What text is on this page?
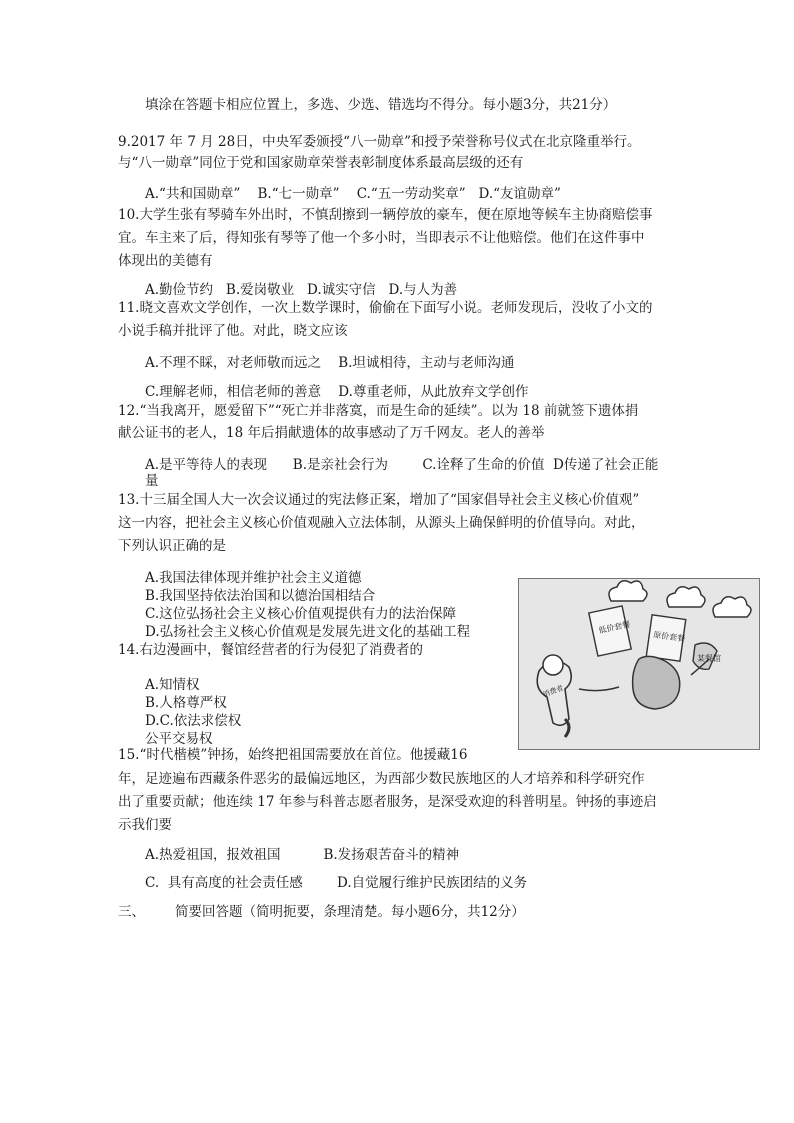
填涂在答题卡相应位置上，多选、少选、错选均不得分。每小题3分，共21分）
9.2017 年 7 月 28日，中央军委颁授“八一勋章”和授予荣誉称号仪式在北京隆重举行。
与“八一勋章”同位于党和国家勋章荣誉表彰制度体系最高层级的还有
A.“共和国勋章”    B.“七一勋章”    C.“五一劳动奖章”   D.“友谊勋章”
10.大学生张有琴骑车外出时，不慎刮擦到一辆停放的豪车，便在原地等候车主协商赔偿事
宜。车主来了后，得知张有琴等了他一个多小时，当即表示不让他赔偿。他们在这件事中
体现出的美德有
A.勤俭节约   B.爱岗敬业   D.诚实守信   D.与人为善
11.晓文喜欢文学创作，一次上数学课时，偷偷在下面写小说。老师发现后，没收了小文的
小说手稿并批评了他。对此，晓文应该
A.不理不睬，对老师敬而远之    B.坦诚相待，主动与老师沟通
C.理解老师，相信老师的善意    D.尊重老师，从此放弃文学创作
12.“当我离开，愿爱留下”“死亡并非落寞，而是生命的延续”。以为 18 前就签下遗体捐
献公证书的老人，18 年后捐献遗体的故事感动了万千网友。老人的善举
A.是平等待人的表现      B.是亲社会行为        C.诠释了生命的价值  D传递了社会正能
量
13.十三届全国人大一次会议通过的宪法修正案，增加了“国家倡导社会主义核心价值观”
这一内容，把社会主义核心价值观融入立法体制，从源头上确保鲜明的价值导向。对此，
下列认识正确的是
A.我国法律体现并维护社会主义道德
B.我国坚持依法治国和以德治国相结合
C.这位弘扬社会主义核心价值观提供有力的法治保障
D.弘扬社会主义核心价值观是发展先进文化的基础工程
14.右边漫画中，餐馆经营者的行为侵犯了消费者的
A.知情权
B.人格尊严权
D.C.依法求偿权
公平交易权
低价套餐
原价套餐
某餐馆
消费者
15.“时代楷模”钟扬，始终把祖国需要放在首位。他援藏16
年，足迹遍布西藏条件恶劣的最偏远地区，为西部少数民族地区的人才培养和科学研究作
出了重要贡献；他连续 17 年参与科普志愿者服务，是深受欢迎的科普明星。钟扬的事迹启
示我们要
A.热爱祖国，报效祖国          B.发扬艰苦奋斗的精神
C.  具有高度的社会责任感        D.自觉履行维护民族团结的义务
三、 简要回答题（简明扼要，条理清楚。每小题6分，共12分）
